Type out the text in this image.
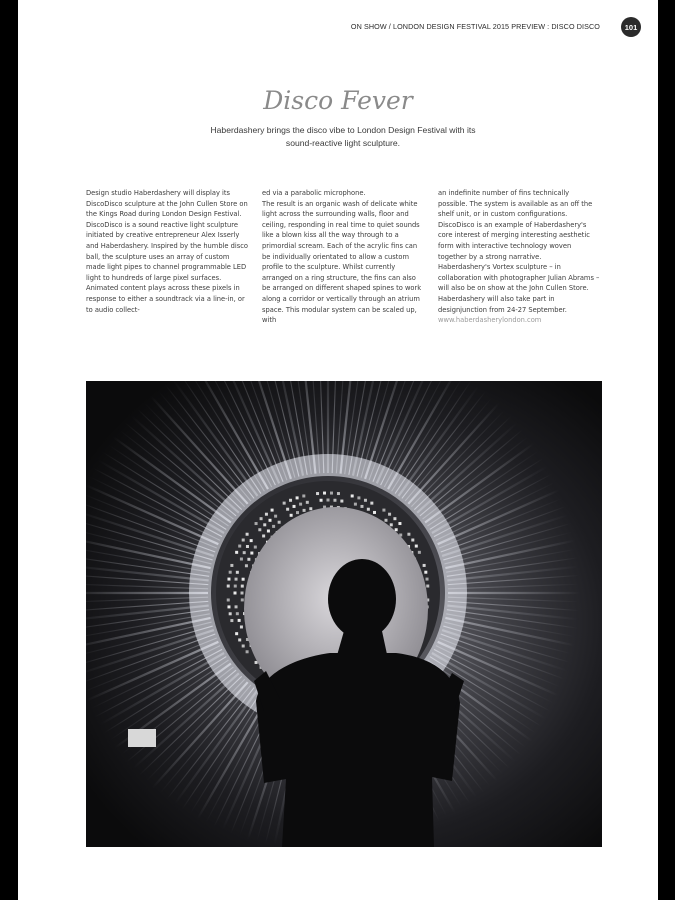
ON SHOW / LONDON DESIGN FESTIVAL 2015 PREVIEW : DISCO DISCO	101
Disco Fever
Haberdashery brings the disco vibe to London Design Festival with its sound-reactive light sculpture.

Design studio Haberdashery will display its DiscoDisco sculpture at the John Cullen Store on the Kings Road during London Design Festival.

DiscoDisco is a sound reactive light sculpture initiated by creative entrepreneur Alex Isserly and Haberdashery. Inspired by the humble disco ball, the sculpture uses an array of custom made light pipes to channel programmable LED light to hundreds of large pixel surfaces. Animated content plays across these pixels in response to either a soundtrack via a line-in, or to audio collect-

ed via a parabolic microphone.

The result is an organic wash of delicate white light across the surrounding walls, floor and ceiling, responding in real time to quiet sounds like a blown kiss all the way through to a primordial scream. Each of the acrylic fins can be individually orientated to allow a custom profile to the sculpture. Whilst currently arranged on a ring structure, the fins can also be arranged on different shaped spines to work along a corridor or vertically through an atrium space. This modular system can be scaled up, with

an indefinite number of fins technically possible. The system is available as an off the shelf unit, or in custom configurations.

DiscoDisco is an example of Haberdashery's core interest of merging interesting aesthetic form with interactive technology woven together by a strong narrative.

Haberdashery's Vortex sculpture – in collaboration with photographer Julian Abrams – will also be on show at the John Cullen Store. Haberdashery will also take part in designjunction from 24-27 September.

www.haberdasherylondon.com
